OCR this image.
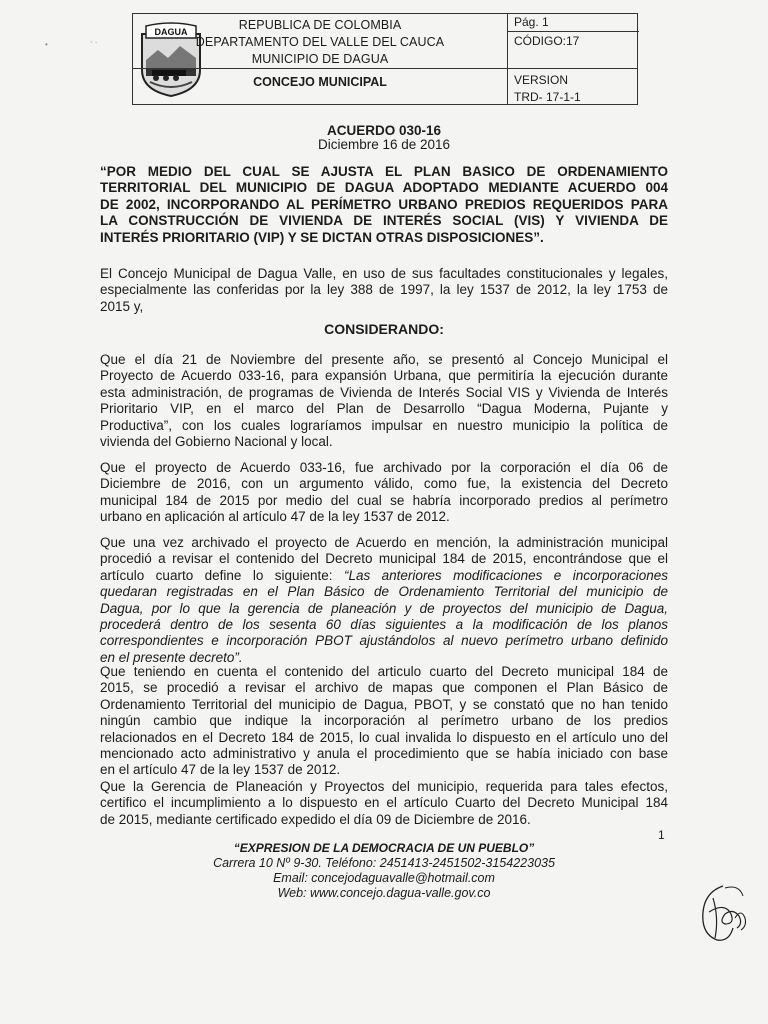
•	⋅ ·
DAGUA	REPUBLICA DE COLOMBIA
DEPARTAMENTO DEL VALLE DEL CAUCA
MUNICIPIO DE DAGUA
CONCEJO MUNICIPAL
Pág. 1
CÓDIGO:17
VERSION
TRD- 17-1-1
ACUERDO 030-16
Diciembre 16 de 2016
“POR MEDIO DEL CUAL SE AJUSTA EL PLAN BASICO DE ORDENAMIENTO
TERRITORIAL DEL MUNICIPIO DE DAGUA ADOPTADO MEDIANTE ACUERDO 004
DE 2002, INCORPORANDO AL PERÍMETRO URBANO PREDIOS REQUERIDOS PARA
LA CONSTRUCCIÓN DE VIVIENDA DE INTERÉS SOCIAL (VIS) Y VIVIENDA DE
INTERÉS PRIORITARIO (VIP) Y SE DICTAN OTRAS DISPOSICIONES”.
El Concejo Municipal de Dagua Valle, en uso de sus facultades constitucionales y legales,
especialmente las conferidas por la ley 388 de 1997, la ley 1537 de 2012, la ley 1753 de
2015 y,
CONSIDERANDO:
Que el día 21 de Noviembre del presente año, se presentó al Concejo Municipal el
Proyecto de Acuerdo 033-16, para expansión Urbana, que permitiría la ejecución durante
esta administración, de programas de Vivienda de Interés Social VIS y Vivienda de Interés
Prioritario VIP, en el marco del Plan de Desarrollo “Dagua Moderna, Pujante y
Productiva”, con los cuales lograríamos impulsar en nuestro municipio la política de
vivienda del Gobierno Nacional y local.
Que el proyecto de Acuerdo 033-16, fue archivado por la corporación el día 06 de
Diciembre de 2016, con un argumento válido, como fue, la existencia del Decreto
municipal 184 de 2015 por medio del cual se habría incorporado predios al perímetro
urbano en aplicación al artículo 47 de la ley 1537 de 2012.
Que una vez archivado el proyecto de Acuerdo en mención, la administración municipal
procedió a revisar el contenido del Decreto municipal 184 de 2015, encontrándose que el
artículo cuarto define lo siguiente: “Las anteriores modificaciones e incorporaciones
quedaran registradas en el Plan Básico de Ordenamiento Territorial del municipio de
Dagua, por lo que la gerencia de planeación y de proyectos del municipio de Dagua,
procederá dentro de los sesenta 60 días siguientes a la modificación de los planos
correspondientes e incorporación PBOT ajustándolos al nuevo perímetro urbano definido
en el presente decreto”.
Que teniendo en cuenta el contenido del articulo cuarto del Decreto municipal 184 de
2015, se procedió a revisar el archivo de mapas que componen el Plan Básico de
Ordenamiento Territorial del municipio de Dagua, PBOT, y se constató que no han tenido
ningún cambio que indique la incorporación al perímetro urbano de los predios
relacionados en el Decreto 184 de 2015, lo cual invalida lo dispuesto en el artículo uno del
mencionado acto administrativo y anula el procedimiento que se había iniciado con base
en el artículo 47 de la ley 1537 de 2012.
Que la Gerencia de Planeación y Proyectos del municipio, requerida para tales efectos,
certifico el incumplimiento a lo dispuesto en el artículo Cuarto del Decreto Municipal 184
de 2015, mediante certificado expedido el día 09 de Diciembre de 2016.
1
“EXPRESION DE LA DEMOCRACIA DE UN PUEBLO”
Carrera 10 Nº 9-30. Teléfono: 2451413-2451502-3154223035
Email: concejodaguavalle@hotmail.com
Web: www.concejo.dagua-valle.gov.co
